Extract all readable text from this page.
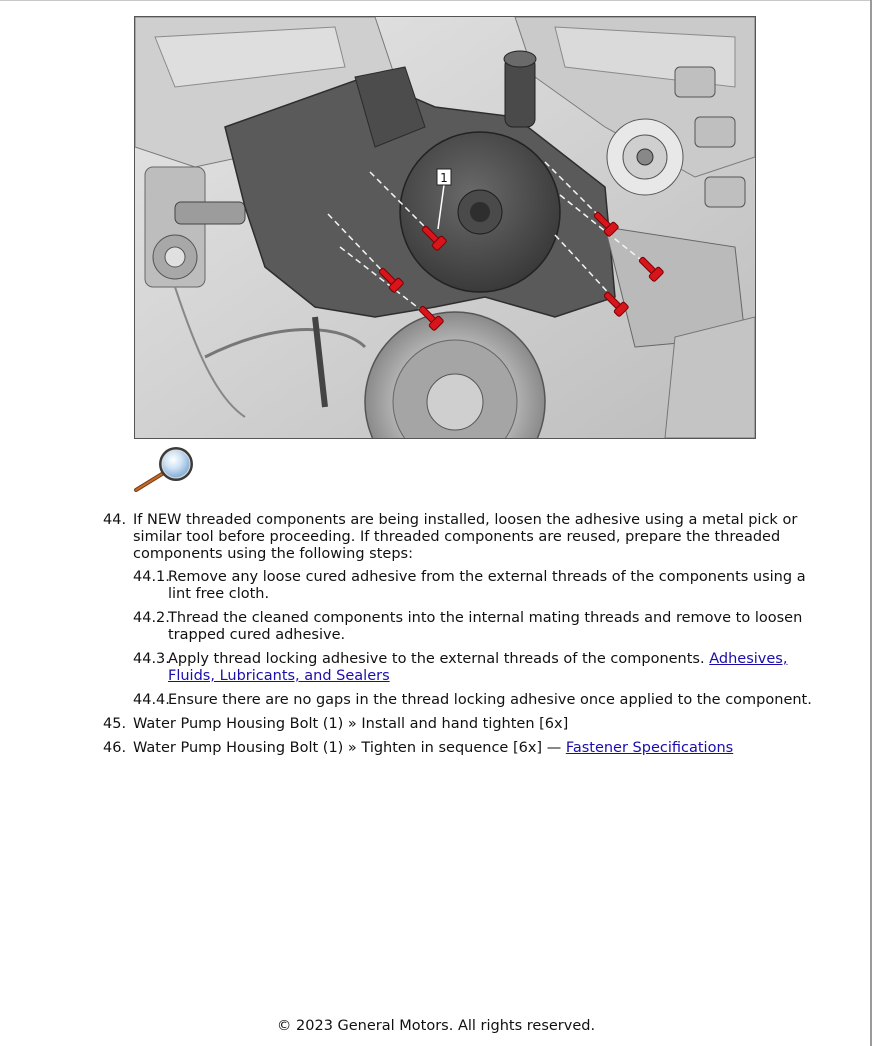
1
44. If NEW threaded components are being installed, loosen the adhesive using a metal pick or similar tool before proceeding. If threaded components are reused, prepare the threaded components using the following steps:
44.1.
Remove any loose cured adhesive from the external threads of the components using a lint free cloth.
44.2.
Thread the cleaned components into the internal mating threads and remove to loosen trapped cured adhesive.
44.3.
Apply thread locking adhesive to the external threads of the components. Adhesives, Fluids, Lubricants, and Sealers
44.4.
Ensure there are no gaps in the thread locking adhesive once applied to the component.
45. Water Pump Housing Bolt (1) » Install and hand tighten [6x]
46. Water Pump Housing Bolt (1) » Tighten in sequence [6x] — Fastener Specifications
© 2023 General Motors. All rights reserved.
